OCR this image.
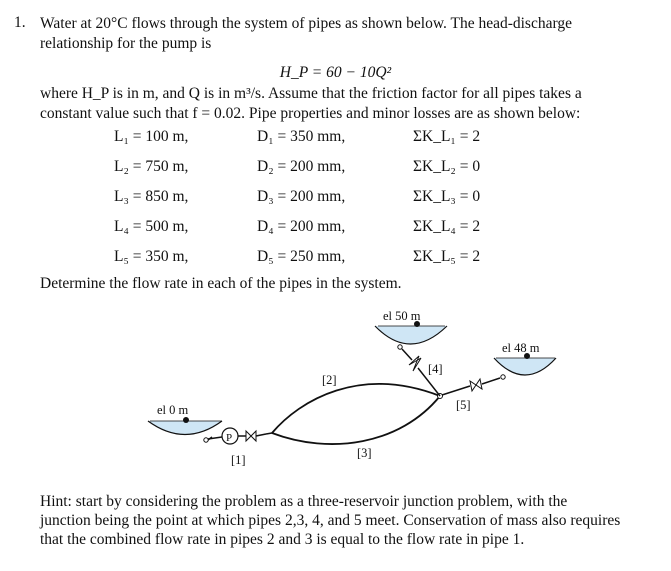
1. Water at 20°C flows through the system of pipes as shown below. The head-discharge
relationship for the pump is
H_P = 60 − 10Q²
where H_P is in m, and Q is in m³/s. Assume that the friction factor for all pipes takes a
constant value such that f = 0.02. Pipe properties and minor losses are as shown below:
L₁ = 100 m,	D₁ = 350 mm,	ΣK_L₁ = 2
L₂ = 750 m,	D₂ = 200 mm,	ΣK_L₂ = 0
L₃ = 850 m,	D₃ = 200 mm,	ΣK_L₃ = 0
L₄ = 500 m,	D₄ = 200 mm,	ΣK_L₄ = 2
L₅ = 350 m,	D₅ = 250 mm,	ΣK_L₅ = 2
Determine the flow rate in each of the pipes in the system.
el 0 m
P
[1]
[2]
[3]
el 50 m
[4]
el 48 m
[5]
Hint: start by considering the problem as a three-reservoir junction problem, with the
junction being the point at which pipes 2,3, 4, and 5 meet. Conservation of mass also requires
that the combined flow rate in pipes 2 and 3 is equal to the flow rate in pipe 1.
